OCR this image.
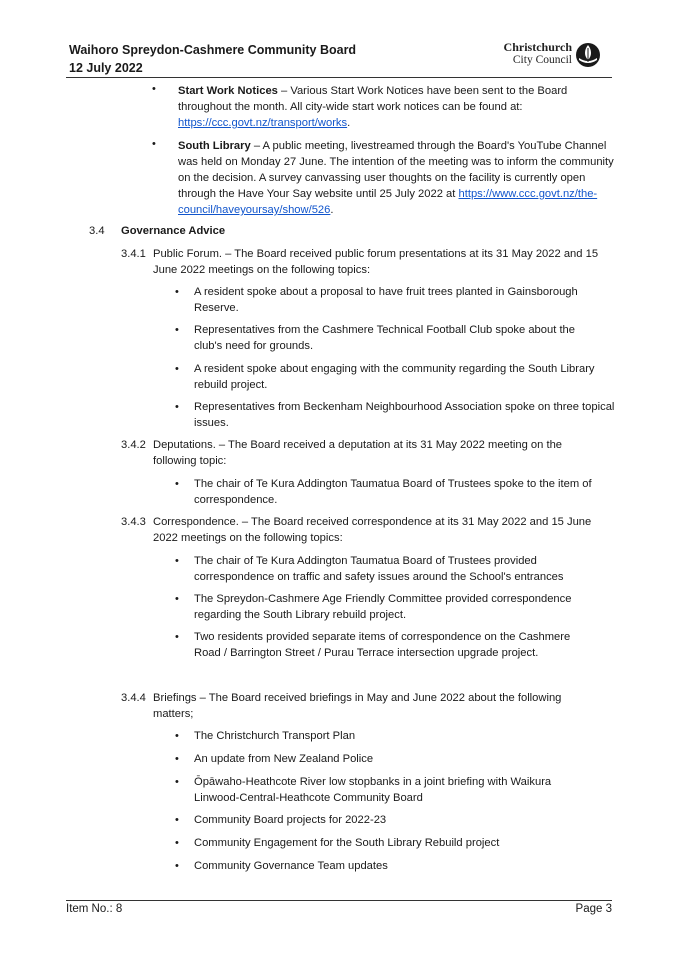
Waihoro Spreydon-Cashmere Community Board
12 July 2022
Christchurch
City Council
• Start Work Notices – Various Start Work Notices have been sent to the Board throughout the month. All city-wide start work notices can be found at: https://ccc.govt.nz/transport/works.
• South Library – A public meeting, livestreamed through the Board's YouTube Channel was held on Monday 27 June. The intention of the meeting was to inform the community on the decision. A survey canvassing user thoughts on the facility is currently open through the Have Your Say website until 25 July 2022 at https://www.ccc.govt.nz/the-council/haveyoursay/show/526.
3.4 Governance Advice
3.4.1 Public Forum. – The Board received public forum presentations at its 31 May 2022 and 15 June 2022 meetings on the following topics:
• A resident spoke about a proposal to have fruit trees planted in Gainsborough Reserve.
• Representatives from the Cashmere Technical Football Club spoke about the club's need for grounds.
• A resident spoke about engaging with the community regarding the South Library rebuild project.
• Representatives from Beckenham Neighbourhood Association spoke on three topical issues.
3.4.2 Deputations. – The Board received a deputation at its 31 May 2022 meeting on the following topic:
• The chair of Te Kura Addington Taumatua Board of Trustees spoke to the item of correspondence.
3.4.3 Correspondence. – The Board received correspondence at its 31 May 2022 and 15 June 2022 meetings on the following topics:
• The chair of Te Kura Addington Taumatua Board of Trustees provided correspondence on traffic and safety issues around the School's entrances
• The Spreydon-Cashmere Age Friendly Committee provided correspondence regarding the South Library rebuild project.
• Two residents provided separate items of correspondence on the Cashmere Road / Barrington Street / Purau Terrace intersection upgrade project.
3.4.4 Briefings – The Board received briefings in May and June 2022 about the following matters;
• The Christchurch Transport Plan
• An update from New Zealand Police
• Ōpāwaho-Heathcote River low stopbanks in a joint briefing with Waikura Linwood-Central-Heathcote Community Board
• Community Board projects for 2022-23
• Community Engagement for the South Library Rebuild project
• Community Governance Team updates
Item No.: 8	Page 3
